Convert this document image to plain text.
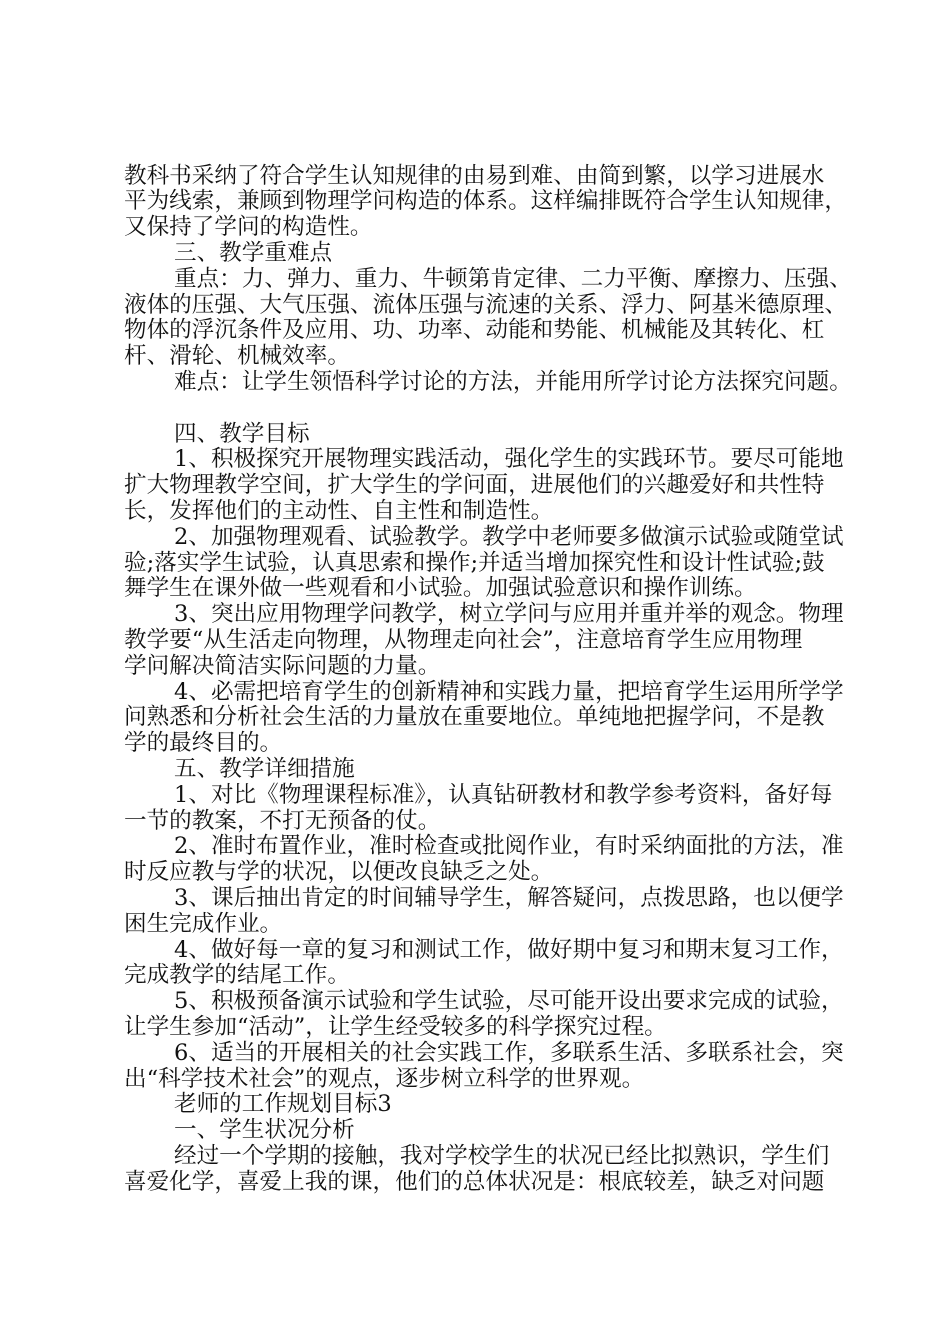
教科书采纳了符合学生认知规律的由易到难、由简到繁，以学习进展水
平为线索，兼顾到物理学问构造的体系。这样编排既符合学生认知规律，
又保持了学问的构造性。
三、教学重难点
重点：力、弹力、重力、牛顿第肯定律、二力平衡、摩擦力、压强、
液体的压强、大气压强、流体压强与流速的关系、浮力、阿基米德原理、
物体的浮沉条件及应用、功、功率、动能和势能、机械能及其转化、杠
杆、滑轮、机械效率。
难点：让学生领悟科学讨论的方法，并能用所学讨论方法探究问题。
四、教学目标
1、积极探究开展物理实践活动，强化学生的实践环节。要尽可能地
扩大物理教学空间，扩大学生的学问面，进展他们的兴趣爱好和共性特
长，发挥他们的主动性、自主性和制造性。
2、加强物理观看、试验教学。教学中老师要多做演示试验或随堂试
验;落实学生试验，认真思索和操作;并适当增加探究性和设计性试验;鼓
舞学生在课外做一些观看和小试验。加强试验意识和操作训练。
3、突出应用物理学问教学，树立学问与应用并重并举的观念。物理
教学要“从生活走向物理，从物理走向社会”，注意培育学生应用物理
学问解决简洁实际问题的力量。
4、必需把培育学生的创新精神和实践力量，把培育学生运用所学学
问熟悉和分析社会生活的力量放在重要地位。单纯地把握学问，不是教
学的最终目的。
五、教学详细措施
1、对比《物理课程标准》，认真钻研教材和教学参考资料，备好每
一节的教案，不打无预备的仗。
2、准时布置作业，准时检查或批阅作业，有时采纳面批的方法，准
时反应教与学的状况，以便改良缺乏之处。
3、课后抽出肯定的时间辅导学生，解答疑问，点拨思路，也以便学
困生完成作业。
4、做好每一章的复习和测试工作，做好期中复习和期末复习工作，
完成教学的结尾工作。
5、积极预备演示试验和学生试验，尽可能开设出要求完成的试验，
让学生参加“活动”，让学生经受较多的科学探究过程。
6、适当的开展相关的社会实践工作，多联系生活、多联系社会，突
出“科学技术社会”的观点，逐步树立科学的世界观。
老师的工作规划目标3
一、学生状况分析
经过一个学期的接触，我对学校学生的状况已经比拟熟识，学生们
喜爱化学，喜爱上我的课，他们的总体状况是：根底较差，缺乏对问题
